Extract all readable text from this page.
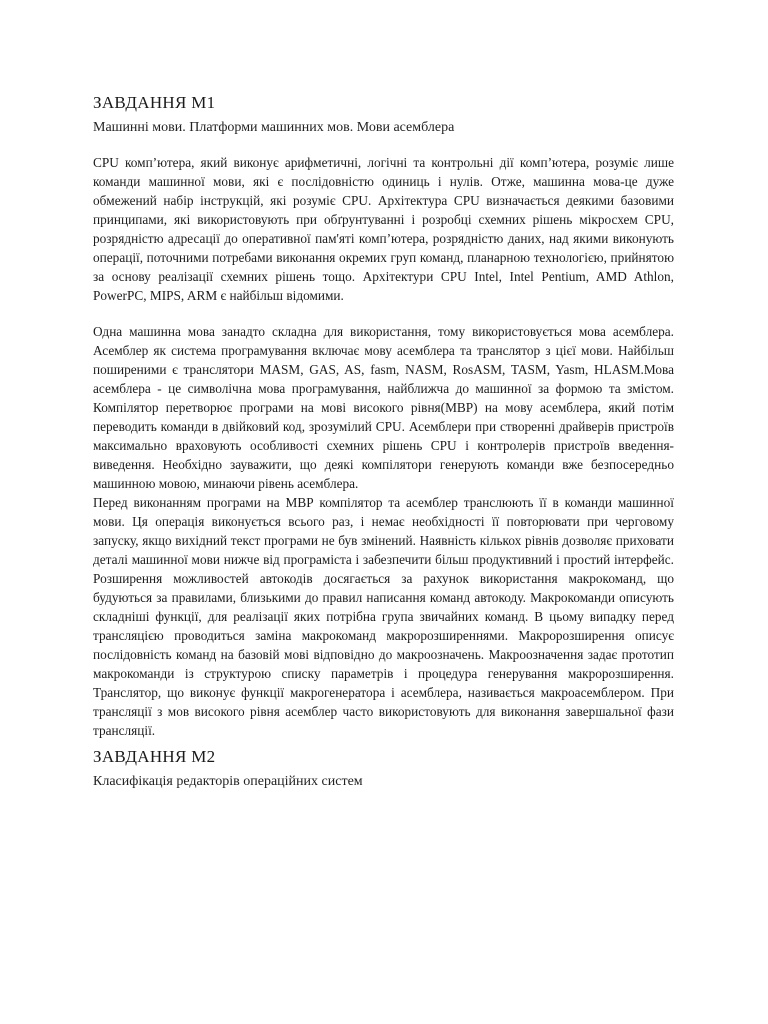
ЗАВДАННЯ М1

Машинні мови. Платформи машинних мов. Мови асемблера

CPU комп’ютера, який виконує арифметичні, логічні та контрольні дії комп’ютера, розуміє лише команди машинної мови, які є послідовністю одиниць і нулів. Отже, машинна мова-це дуже обмежений набір інструкцій, які розуміє CPU. Архітектура CPU визначається деякими базовими принципами, які використовують при обґрунтуванні і розробці схемних рішень мікросхем CPU, розрядністю адресації до оперативної пам'яті комп’ютера, розрядністю даних, над якими виконують операції, поточними потребами виконання окремих груп команд, планарною технологією, прийнятою за основу реалізації схемних рішень тощо. Архітектури CPU Intel, Intel Pentium, AMD Athlon, PowerPC, MIPS, ARM є найбільш відомими.

Одна машинна мова занадто складна для використання, тому використовується мова асемблера. Асемблер як система програмування включає мову асемблера та транслятор з цієї мови. Найбільш поширеними є транслятори MASM, GAS, AS, fasm, NASM, RosASM, TASM, Yasm, HLASM.Мова асемблера - це символічна мова програмування, найближча до машинної за формою та змістом. Компілятор перетворює програми на мові високого рівня(МВР) на мову асемблера, який потім переводить команди в двійковий код, зрозумілий CPU. Асемблери при створенні драйверів пристроїв максимально враховують особливості схемних рішень CPU і контролерів пристроїв введення-виведення. Необхідно зауважити, що деякі компілятори генерують команди вже безпосередньо машинною мовою, минаючи рівень асемблера.

Перед виконанням програми на МВР компілятор та асемблер транслюють її в команди машинної мови. Ця операція виконується всього раз, і немає необхідності її повторювати при черговому запуску, якщо вихідний текст програми не був змінений. Наявність кількох рівнів дозволяє приховати деталі машинної мови нижче від програміста і забезпечити більш продуктивний і простий інтерфейс. Розширення можливостей автокодів досягається за рахунок використання макрокоманд, що будуються за правилами, близькими до правил написання команд автокоду. Макрокоманди описують складніші функції, для реалізації яких потрібна група звичайних команд. В цьому випадку перед трансляцією проводиться заміна макрокоманд макророзширеннями. Макророзширення описує послідовність команд на базовій мові відповідно до макроозначень. Макроозначення задає прототип макрокоманди із структурою списку параметрів і процедура генерування макророзширення. Транслятор, що виконує функції макрогенератора і асемблера, називається макроасемблером. При трансляції з мов високого рівня асемблер часто використовують для виконання завершальної фази трансляції.

ЗАВДАННЯ М2

Класифікація редакторів операційних систем
